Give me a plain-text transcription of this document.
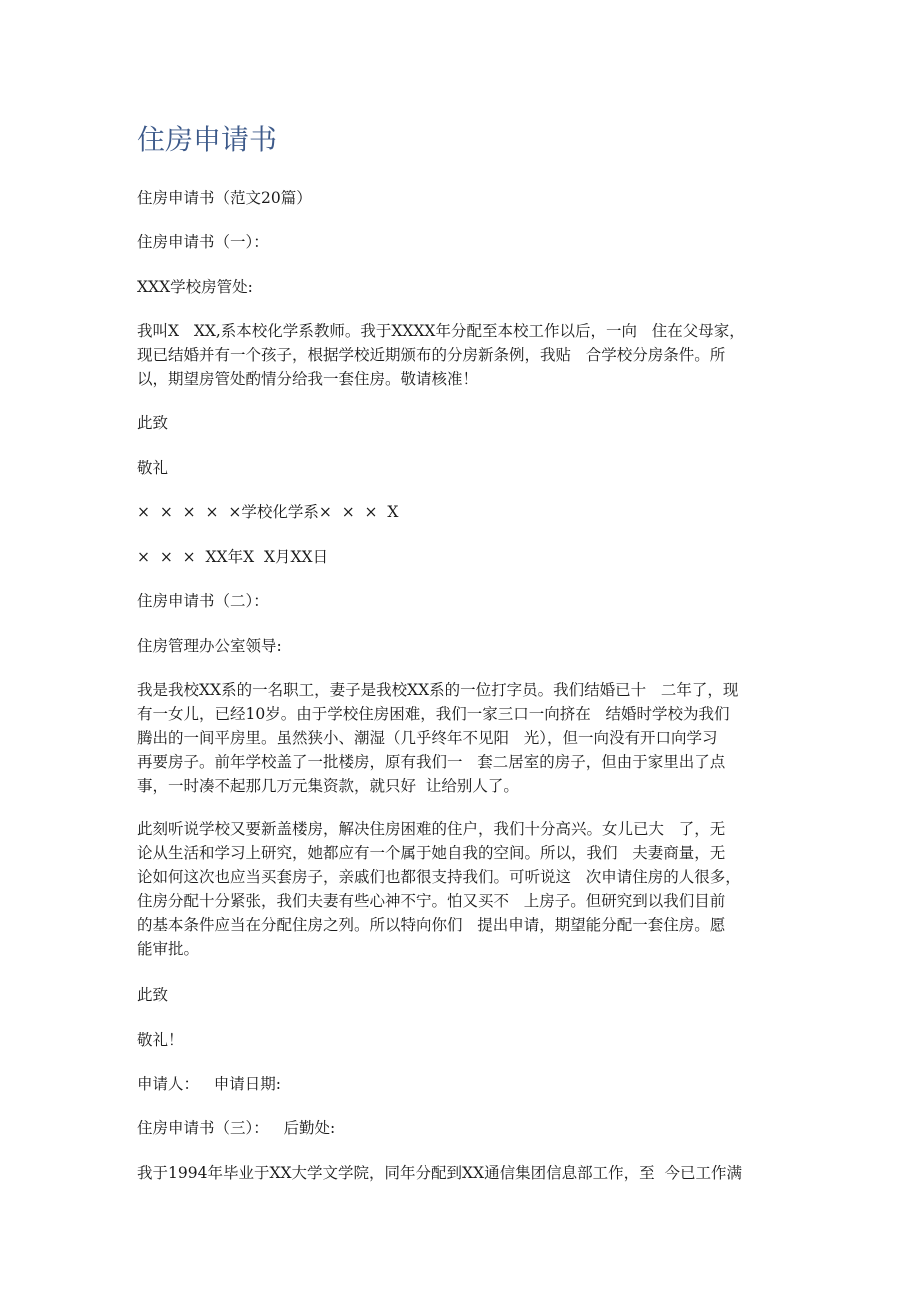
住房申请书
住房申请书（范文20篇）
住房申请书（一）：
XXX学校房管处:
我叫X   XX,系本校化学系教师。我于XXXX年分配至本校工作以后，一向   住在父母家，
现已结婚并有一个孩子，根据学校近期颁布的分房新条例，我贴   合学校分房条件。所
以，期望房管处酌情分给我一套住房。敬请核准！
此致
敬礼
×  ×  ×  ×  ×学校化学系×  ×  ×  X
×  ×  ×  XX年X  X月XX日
住房申请书（二）：
住房管理办公室领导:
我是我校XX系的一名职工，妻子是我校XX系的一位打字员。我们结婚已十   二年了，现
有一女儿，已经10岁。由于学校住房困难，我们一家三口一向挤在   结婚时学校为我们
腾出的一间平房里。虽然狭小、潮湿（几乎终年不见阳   光），但一向没有开口向学习
再要房子。前年学校盖了一批楼房，原有我们一   套二居室的房子，但由于家里出了点
事，一时凑不起那几万元集资款，就只好  让给别人了。
此刻听说学校又要新盖楼房，解决住房困难的住户，我们十分高兴。女儿已大   了，无
论从生活和学习上研究，她都应有一个属于她自我的空间。所以，我们   夫妻商量，无
论如何这次也应当买套房子，亲戚们也都很支持我们。可听说这   次申请住房的人很多，
住房分配十分紧张，我们夫妻有些心神不宁。怕又买不   上房子。但研究到以我们目前
的基本条件应当在分配住房之列。所以特向你们   提出申请，期望能分配一套住房。愿
能审批。
此致
敬礼！
申请人：   申请日期:
住房申请书（三）：   后勤处:
我于1994年毕业于XX大学文学院，同年分配到XX通信集团信息部工作，至  今已工作满
